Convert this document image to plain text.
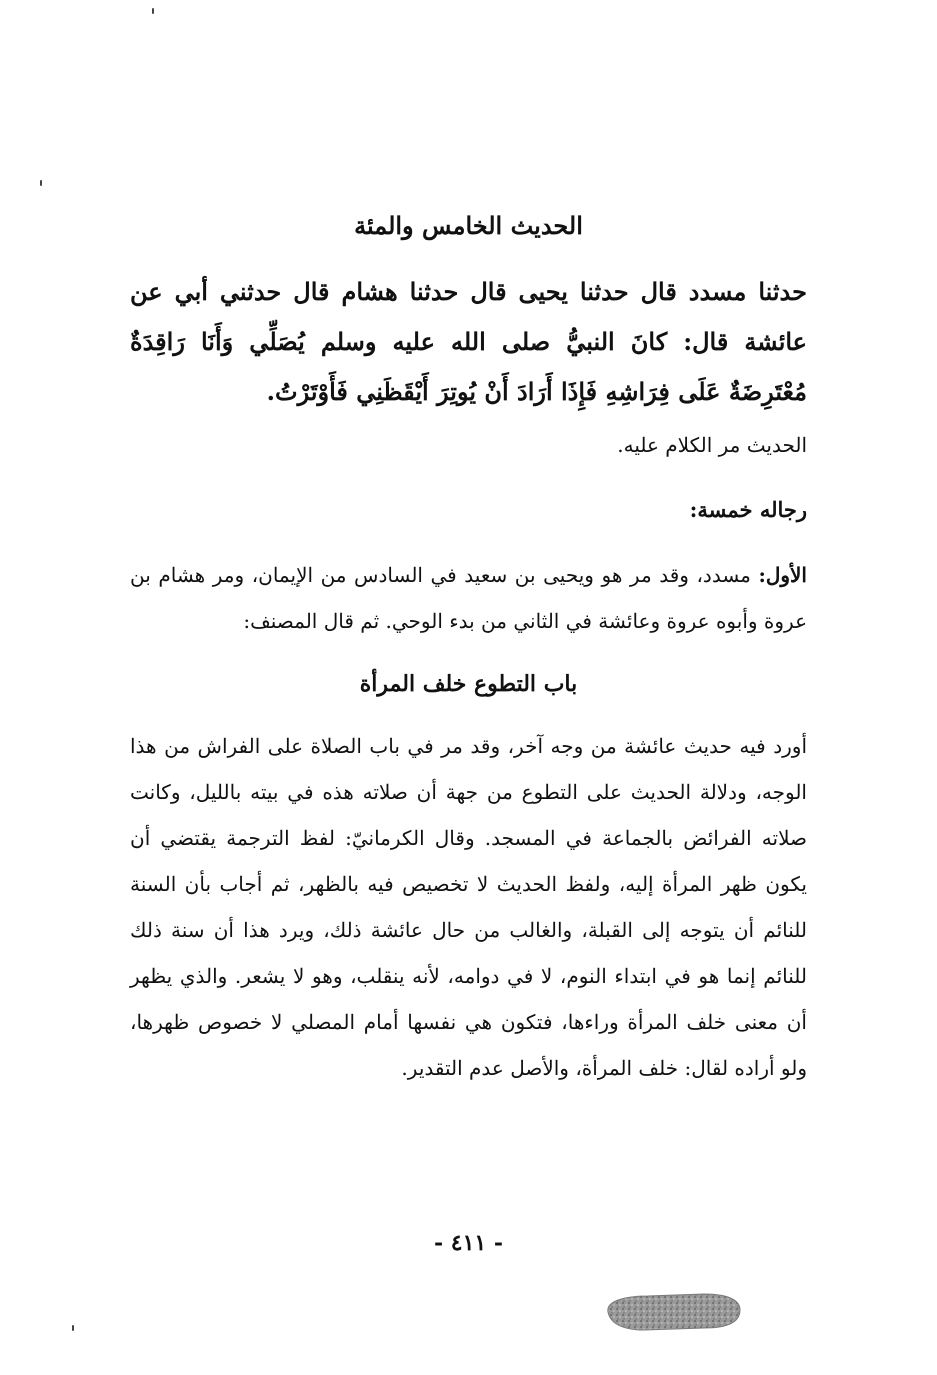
الحديث الخامس والمئة
حدثنا مسدد قال حدثنا يحيى قال حدثنا هشام قال حدثني أبي عن عائشة قال: كانَ النبيُّ صلى الله عليه وسلم يُصَلِّي وَأَنَا رَاقِدَةٌ مُعْتَرِضَةٌ عَلَى فِرَاشِهِ فَإِذَا أَرَادَ أَنْ يُوتِرَ أَيْقَظَنِي فَأَوْتَرْتُ.
الحديث مر الكلام عليه.
رجاله خمسة:
الأول: مسدد، وقد مر هو ويحيى بن سعيد في السادس من الإيمان، ومر هشام بن عروة وأبوه عروة وعائشة في الثاني من بدء الوحي. ثم قال المصنف:
باب التطوع خلف المرأة
أورد فيه حديث عائشة من وجه آخر، وقد مر في باب الصلاة على الفراش من هذا الوجه، ودلالة الحديث على التطوع من جهة أن صلاته هذه في بيته بالليل، وكانت صلاته الفرائض بالجماعة في المسجد. وقال الكرمانيّ: لفظ الترجمة يقتضي أن يكون ظهر المرأة إليه، ولفظ الحديث لا تخصيص فيه بالظهر، ثم أجاب بأن السنة للنائم أن يتوجه إلى القبلة، والغالب من حال عائشة ذلك، ويرد هذا أن سنة ذلك للنائم إنما هو في ابتداء النوم، لا في دوامه، لأنه ينقلب، وهو لا يشعر. والذي يظهر أن معنى خلف المرأة وراءها، فتكون هي نفسها أمام المصلي لا خصوص ظهرها، ولو أراده لقال: خلف المرأة، والأصل عدم التقدير.
- ٤١١ -
